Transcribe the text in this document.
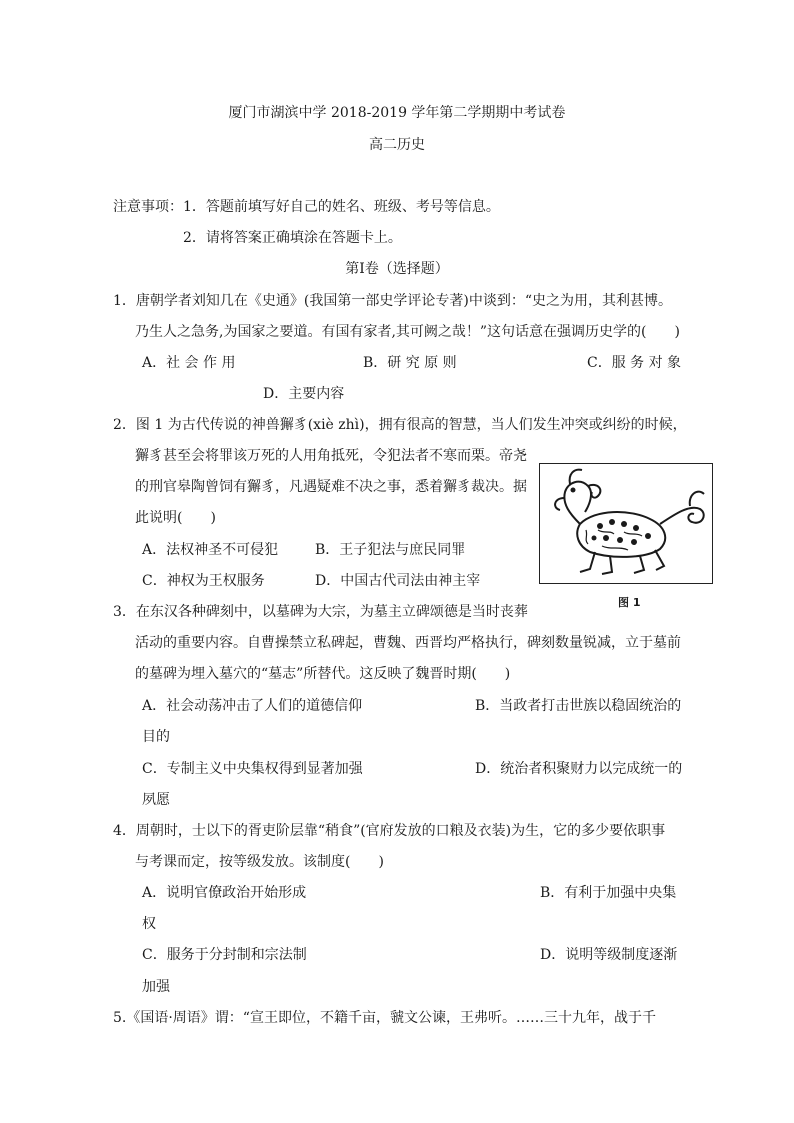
厦门市湖滨中学 2018-2019 学年第二学期期中考试卷
高二历史
注意事项：1．答题前填写好自己的姓名、班级、考号等信息。
2．请将答案正确填涂在答题卡上。
第Ⅰ卷（选择题）
1．唐朝学者刘知几在《史通》(我国第一部史学评论专著)中谈到：“史之为用，其利甚博。
乃生人之急务,为国家之要道。有国有家者,其可阙之哉！”这句话意在强调历史学的(　　)
A．社 会 作 用	B．研 究 原 则	C．服 务 对 象
D．主要内容
2．图 1 为古代传说的神兽獬豸(xiè zhì)，拥有很高的智慧，当人们发生冲突或纠纷的时候，
獬豸甚至会将罪该万死的人用角抵死，令犯法者不寒而栗。帝尧
的刑官皋陶曾饲有獬豸，凡遇疑难不决之事，悉着獬豸裁决。据
此说明(　　)
A．法权神圣不可侵犯	B．王子犯法与庶民同罪
C．神权为王权服务	D．中国古代司法由神主宰
图 1
3．在东汉各种碑刻中，以墓碑为大宗，为墓主立碑颂德是当时丧葬
活动的重要内容。自曹操禁立私碑起，曹魏、西晋均严格执行，碑刻数量锐减，立于墓前
的墓碑为埋入墓穴的“墓志”所替代。这反映了魏晋时期(　　)
A．社会动荡冲击了人们的道德信仰	B．当政者打击世族以稳固统治的
目的
C．专制主义中央集权得到显著加强	D．统治者积聚财力以完成统一的
夙愿
4．周朝时，士以下的胥吏阶层靠“稍食”(官府发放的口粮及衣装)为生，它的多少要依职事
与考课而定，按等级发放。该制度(　　)
A．说明官僚政治开始形成	B．有利于加强中央集
权
C．服务于分封制和宗法制	D．说明等级制度逐渐
加强
5.《国语·周语》谓：“宣王即位，不籍千亩，虢文公谏，王弗听。……三十九年，战于千
